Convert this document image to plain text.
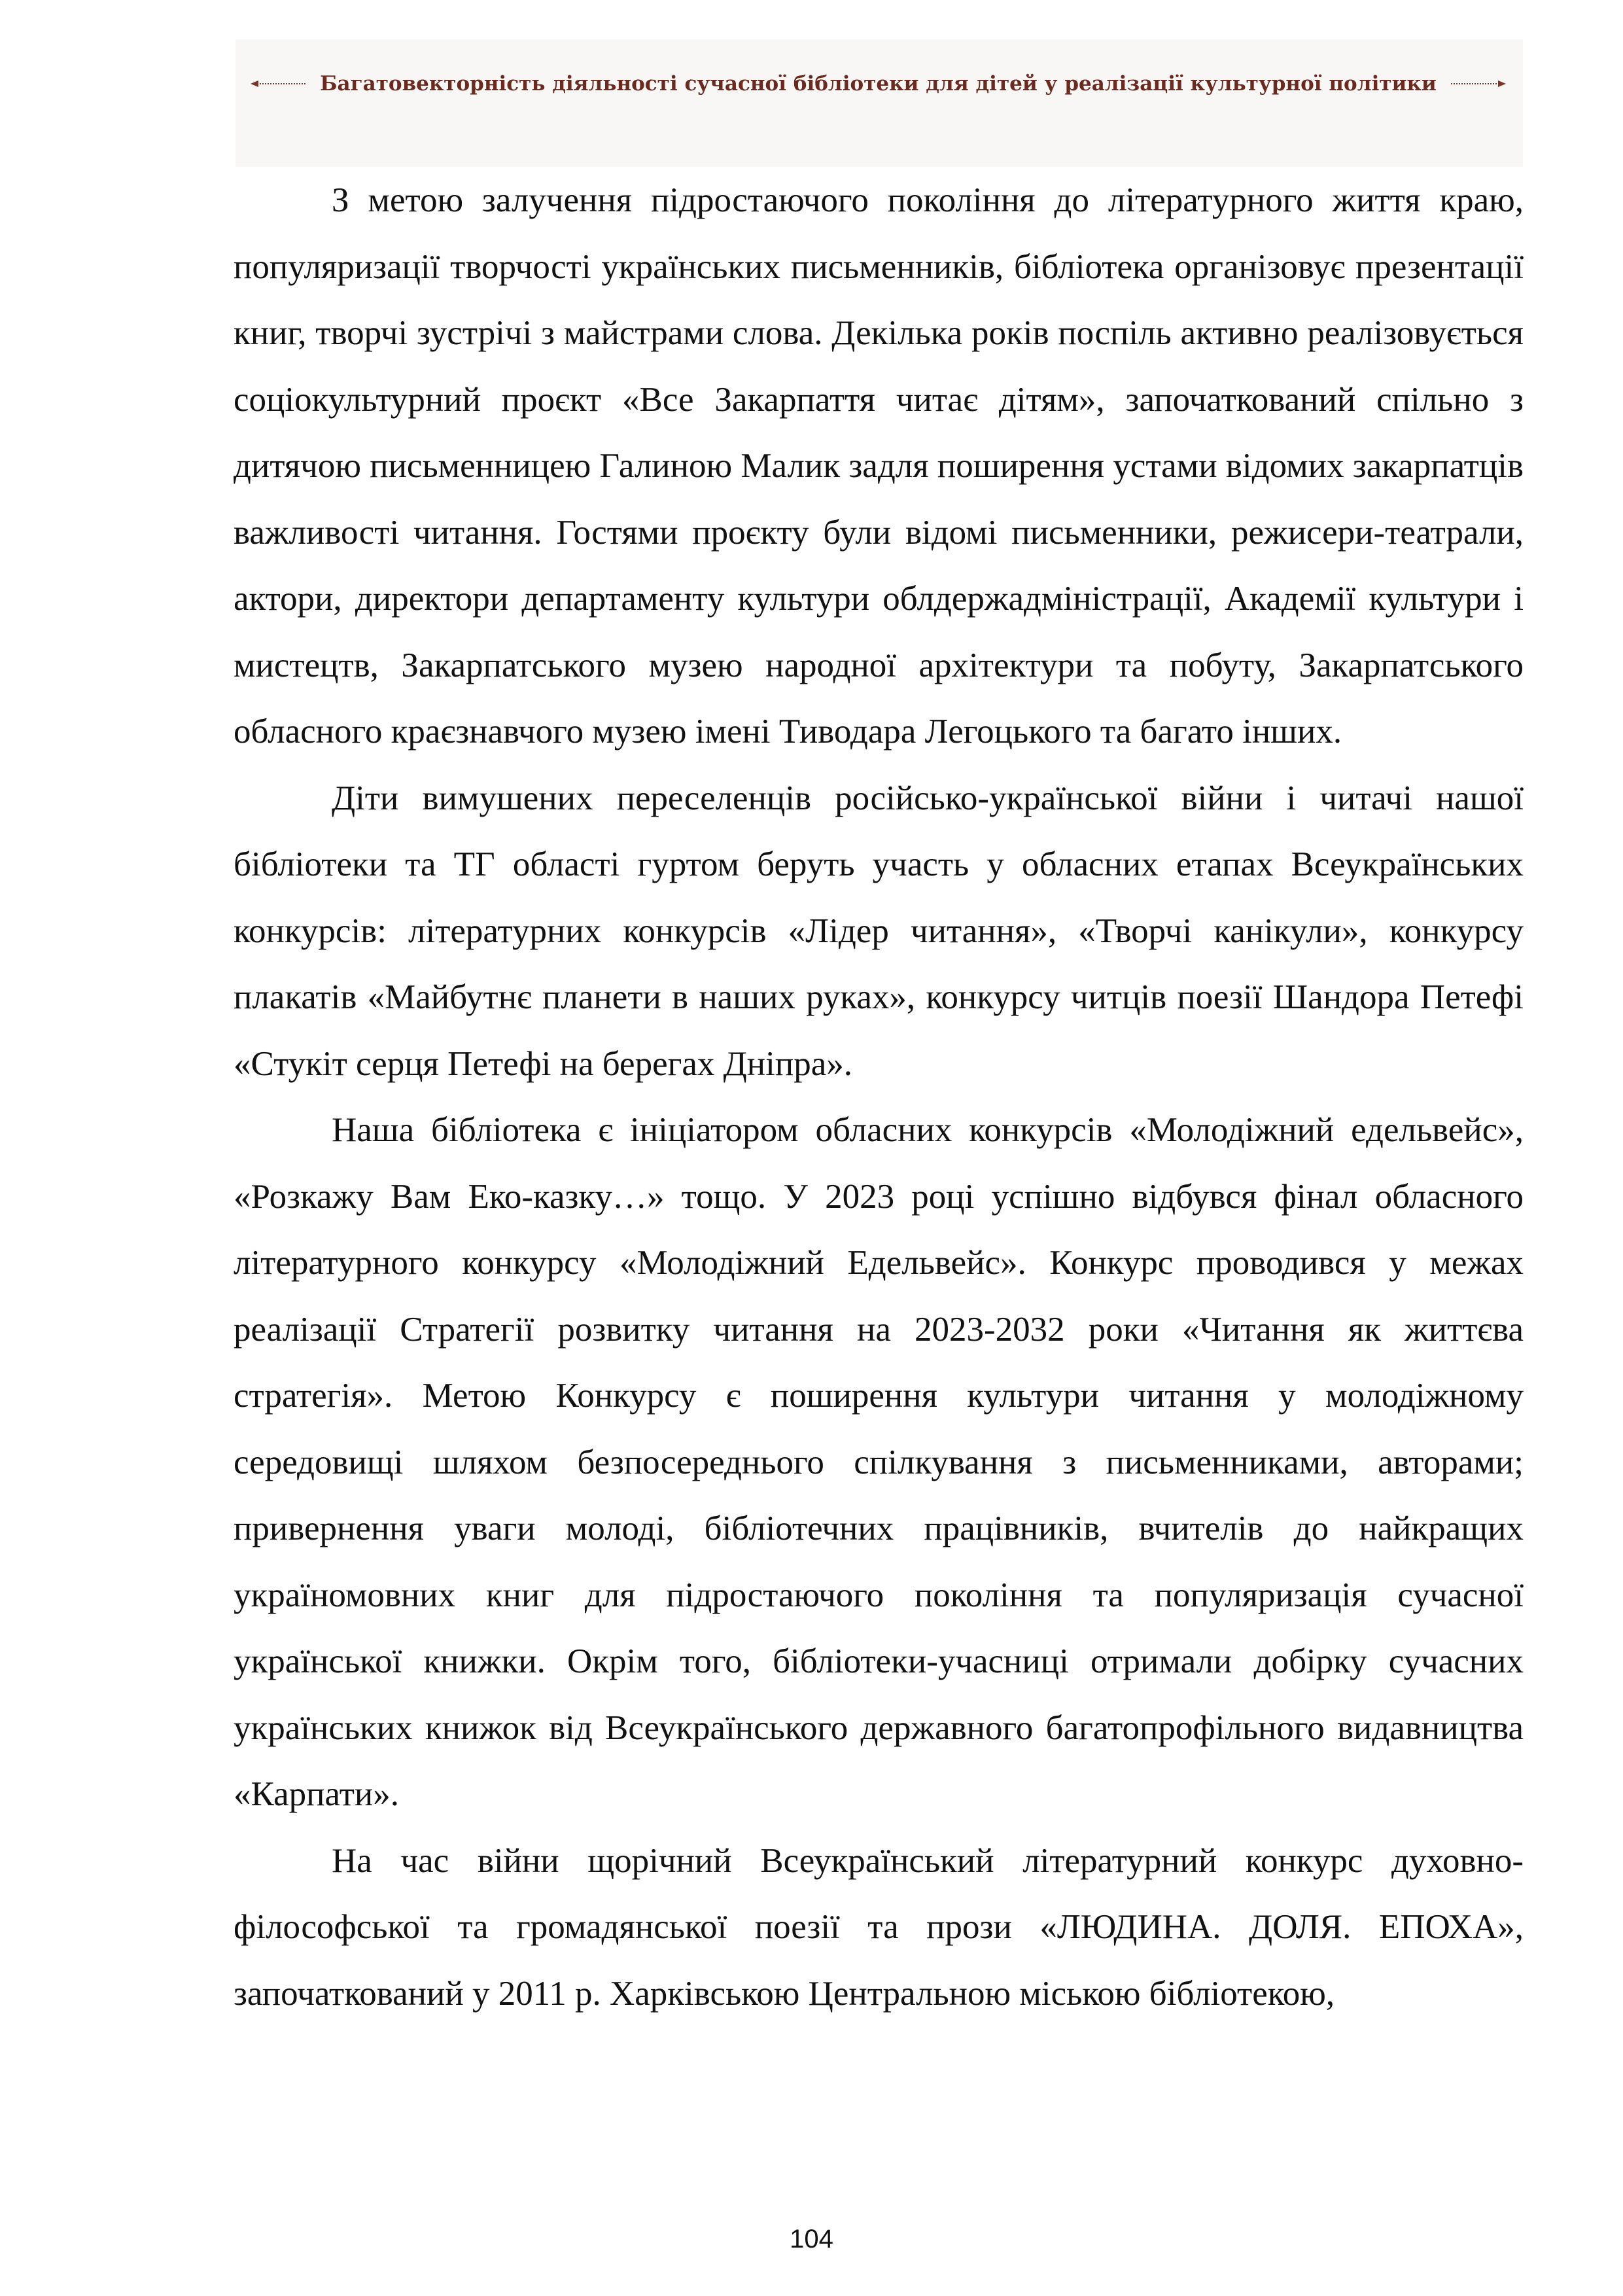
Багатовекторність діяльності сучасної бібліотеки для дітей у реалізації культурної політики

З метою залучення підростаючого покоління до літературного життя краю, популяризації творчості українських письменників, бібліотека організовує презентації книг, творчі зустрічі з майстрами слова. Декілька років поспіль активно реалізовується соціокультурний проєкт «Все Закарпаття читає дітям», започаткований спільно з дитячою письменницею Галиною Малик задля поширення устами відомих закарпатців важливості читання. Гостями проєкту були відомі письменники, режисери-театрали, актори, директори департаменту культури облдержадміністрації, Академії культури і мистецтв, Закарпатського музею народної архітектури та побуту, Закарпатського обласного краєзнавчого музею імені Тиводара Легоцького та багато інших.

Діти вимушених переселенців російсько-української війни і читачі нашої бібліотеки та ТГ області гуртом беруть участь у обласних етапах Всеукраїнських конкурсів: літературних конкурсів «Лідер читання», «Творчі канікули», конкурсу плакатів «Майбутнє планети в наших руках», конкурсу читців поезії Шандора Петефі «Стукіт серця Петефі на берегах Дніпра».

Наша бібліотека є ініціатором обласних конкурсів «Молодіжний едельвейс», «Розкажу Вам Еко-казку…» тощо. У 2023 році успішно відбувся фінал обласного літературного конкурсу «Молодіжний Едельвейс». Конкурс проводився у межах реалізації Стратегії розвитку читання на 2023-2032 роки «Читання як життєва стратегія». Метою Конкурсу є поширення культури читання у молодіжному середовищі шляхом безпосереднього спілкування з письменниками, авторами; привернення уваги молоді, бібліотечних працівників, вчителів до найкращих україномовних книг для підростаючого покоління та популяризація сучасної української книжки. Окрім того, бібліотеки-учасниці отримали добірку сучасних українських книжок від Всеукраїнського державного багатопрофільного видавництва «Карпати».

На час війни щорічний Всеукраїнський літературний конкурс духовно-філософської та громадянської поезії та прози «ЛЮДИНА. ДОЛЯ. ЕПОХА», започаткований у 2011 р. Харківською Центральною міською бібліотекою,

104
